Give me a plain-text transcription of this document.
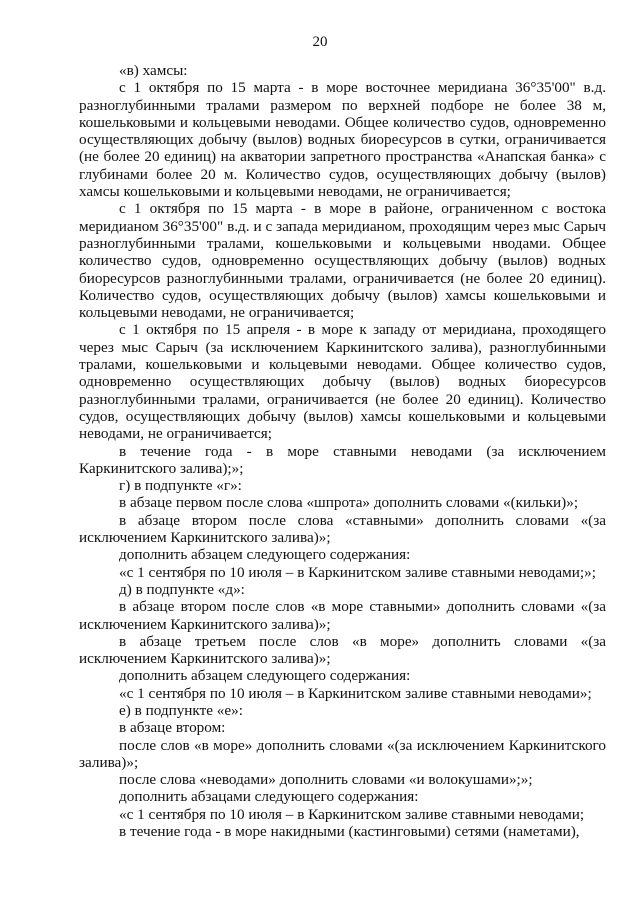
20

«в) хамсы:

с 1 октября по 15 марта - в море восточнее меридиана 36°35'00" в.д. разноглубинными тралами размером по верхней подборе не более 38 м, кошельковыми и кольцевыми неводами. Общее количество судов, одновременно осуществляющих добычу (вылов) водных биоресурсов в сутки, ограничивается (не более 20 единиц) на акватории запретного пространства «Анапская банка» с глубинами более 20 м. Количество судов, осуществляющих добычу (вылов) хамсы кошельковыми и кольцевыми неводами, не ограничивается;

с 1 октября по 15 марта - в море в районе, ограниченном с востока меридианом 36°35'00" в.д. и с запада меридианом, проходящим через мыс Сарыч разноглубинными тралами, кошельковыми и кольцевыми нводами. Общее количество судов, одновременно осуществляющих добычу (вылов) водных биоресурсов разноглубинными тралами, ограничивается (не более 20 единиц). Количество судов, осуществляющих добычу (вылов) хамсы кошельковыми и кольцевыми неводами, не ограничивается;

с 1 октября по 15 апреля - в море к западу от меридиана, проходящего через мыс Сарыч (за исключением Каркинитского залива), разноглубинными тралами, кошельковыми и кольцевыми неводами. Общее количество судов, одновременно осуществляющих добычу (вылов) водных биоресурсов разноглубинными тралами, ограничивается (не более 20 единиц). Количество судов, осуществляющих добычу (вылов) хамсы кошельковыми и кольцевыми неводами, не ограничивается;

в течение года - в море ставными неводами (за исключением Каркинитского залива);»;

г) в подпункте «г»:

в абзаце первом после слова «шпрота» дополнить словами «(кильки)»;

в абзаце втором после слова «ставными» дополнить словами «(за исключением Каркинитского залива)»;

дополнить абзацем следующего содержания:

«с 1 сентября по 10 июля – в Каркинитском заливе ставными неводами;»;

д) в подпункте «д»:

в абзаце втором после слов «в море ставными» дополнить словами «(за исключением Каркинитского залива)»;

в абзаце третьем после слов «в море» дополнить словами «(за исключением Каркинитского залива)»;

дополнить абзацем следующего содержания:

«с 1 сентября по 10 июля – в Каркинитском заливе ставными неводами»;

е) в подпункте «е»:

в абзаце втором:

после слов «в море» дополнить словами «(за исключением Каркинитского залива)»;

после слова «неводами» дополнить словами «и волокушами»;»;

дополнить абзацами следующего содержания:

«с 1 сентября по 10 июля – в Каркинитском заливе ставными неводами;

в течение года - в море накидными (кастинговыми) сетями (наметами),
